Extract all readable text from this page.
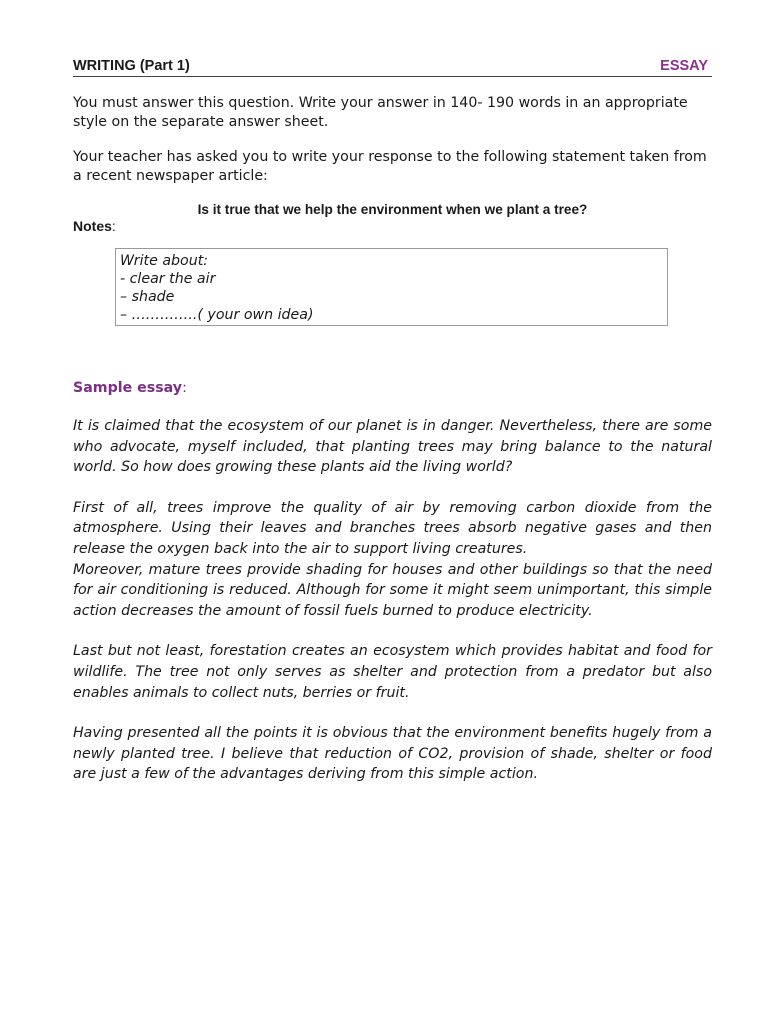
WRITING (Part 1)	ESSAY

You must answer this question. Write your answer in 140- 190 words in an appropriate style on the separate answer sheet.

Your teacher has asked you to write your response to the following statement taken from a recent newspaper article:

Is it true that we help the environment when we plant a tree?
Notes:
Write about:
- clear the air
– shade
– …………..( your own idea)
Sample essay:

It is claimed that the ecosystem of our planet is in danger. Nevertheless, there are some who advocate, myself included, that planting trees may bring balance to the natural world. So how does growing these plants aid the living world?

First of all, trees improve the quality of air by removing carbon dioxide from the atmosphere. Using their leaves and branches trees absorb negative gases and then release the oxygen back into the air to support living creatures.

Moreover, mature trees provide shading for houses and other buildings so that the need for air conditioning is reduced. Although for some it might seem unimportant, this simple action decreases the amount of fossil fuels burned to produce electricity.

Last but not least, forestation creates an ecosystem which provides habitat and food for wildlife. The tree not only serves as shelter and protection from a predator but also enables animals to collect nuts, berries or fruit.

Having presented all the points it is obvious that the environment benefits hugely from a newly planted tree. I believe that reduction of CO2, provision of shade, shelter or food are just a few of the advantages deriving from this simple action.
